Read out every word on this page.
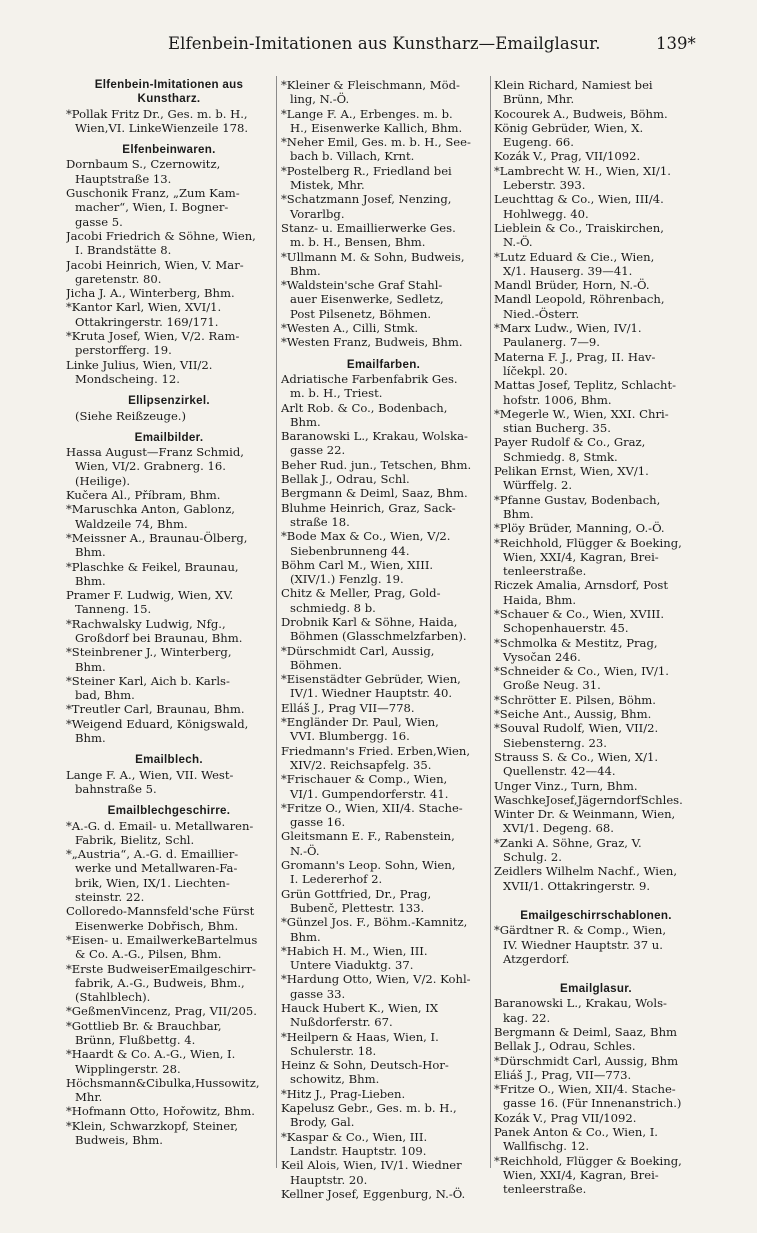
Elfenbein-Imitationen aus Kunstharz—Emailglasur.	139*
Elfenbein-Imitationen aus
Kunstharz.
*Pollak Fritz Dr., Ges. m. b. H.,
Wien,VI. LinkeWienzeile 178.
Elfenbeinwaren.
Dornbaum S., Czernowitz,
Hauptstraße 13.
Guschonik Franz, „Zum Kam-
macher“, Wien, I. Bogner-
gasse 5.
Jacobi Friedrich & Söhne, Wien,
I. Brandstätte 8.
Jacobi Heinrich, Wien, V. Mar-
garetenstr. 80.
Jicha J. A., Winterberg, Bhm.
*Kantor Karl, Wien, XVI/1.
Ottakringerstr. 169/171.
*Kruta Josef, Wien, V/2. Ram-
perstorfferg. 19.
Linke Julius, Wien, VII/2.
Mondscheing. 12.
Ellipsenzirkel.
(Siehe Reißzeuge.)
Emailbilder.
Hassa August—Franz Schmid,
Wien, VI/2. Grabnerg. 16.
(Heilige).
Kučera Al., Příbram, Bhm.
*Maruschka Anton, Gablonz,
Waldzeile 74, Bhm.
*Meissner A., Braunau-Ölberg,
Bhm.
*Plaschke & Feikel, Braunau,
Bhm.
Pramer F. Ludwig, Wien, XV.
Tanneng. 15.
*Rachwalsky Ludwig, Nfg.,
Großdorf bei Braunau, Bhm.
*Steinbrener J., Winterberg,
Bhm.
*Steiner Karl, Aich b. Karls-
bad, Bhm.
*Treutler Carl, Braunau, Bhm.
*Weigend Eduard, Königswald,
Bhm.
Emailblech.
Lange F. A., Wien, VII. West-
bahnstraße 5.
Emailblechgeschirre.
*A.-G. d. Email- u. Metallwaren-
Fabrik, Bielitz, Schl.
*„Austria“, A.-G. d. Emaillier-
werke und Metallwaren-Fa-
brik, Wien, IX/1. Liechten-
steinstr. 22.
Colloredo-Mannsfeld'sche Fürst
Eisenwerke Dobřisch, Bhm.
*Eisen- u. EmailwerkeBartelmus
& Co. A.-G., Pilsen, Bhm.
*Erste BudweiserEmailgeschirr-
fabrik, A.-G., Budweis, Bhm.,
(Stahlblech).
*GeßmenVincenz, Prag, VII/205.
*Gottlieb Br. & Brauchbar,
Brünn, Flußbettg. 4.
*Haardt & Co. A.-G., Wien, I.
Wipplingerstr. 28.
Höchsmann&Cibulka,Hussowitz,
Mhr.
*Hofmann Otto, Hořowitz, Bhm.
*Klein, Schwarzkopf, Steiner,
Budweis, Bhm.
*Kleiner & Fleischmann, Möd-
ling, N.-Ö.
*Lange F. A., Erbenges. m. b.
H., Eisenwerke Kallich, Bhm.
*Neher Emil, Ges. m. b. H., See-
bach b. Villach, Krnt.
*Postelberg R., Friedland bei
Mistek, Mhr.
*Schatzmann Josef, Nenzing,
Vorarlbg.
Stanz- u. Emaillierwerke Ges.
m. b. H., Bensen, Bhm.
*Ullmann M. & Sohn, Budweis,
Bhm.
*Waldstein'sche Graf Stahl-
auer Eisenwerke, Sedletz,
Post Pilsenetz, Böhmen.
*Westen A., Cilli, Stmk.
*Westen Franz, Budweis, Bhm.
Emailfarben.
Adriatische Farbenfabrik Ges.
m. b. H., Triest.
Arlt Rob. & Co., Bodenbach,
Bhm.
Baranowski L., Krakau, Wolska-
gasse 22.
Beher Rud. jun., Tetschen, Bhm.
Bellak J., Odrau, Schl.
Bergmann & Deiml, Saaz, Bhm.
Bluhme Heinrich, Graz, Sack-
straße 18.
*Bode Max & Co., Wien, V/2.
Siebenbrunneng 44.
Böhm Carl M., Wien, XIII.
(XIV/1.) Fenzlg. 19.
Chitz & Meller, Prag, Gold-
schmiedg. 8 b.
Drobnik Karl & Söhne, Haida,
Böhmen (Glasschmelzfarben).
*Dürschmidt Carl, Aussig,
Böhmen.
*Eisenstädter Gebrüder, Wien,
IV/1. Wiedner Hauptstr. 40.
Elláš J., Prag VII—778.
*Engländer Dr. Paul, Wien,
VVI. Blumbergg. 16.
Friedmann's Fried. Erben,Wien,
XIV/2. Reichsapfelg. 35.
*Frischauer & Comp., Wien,
VI/1. Gumpendorferstr. 41.
*Fritze O., Wien, XII/4. Stache-
gasse 16.
Gleitsmann E. F., Rabenstein,
N.-Ö.
Gromann's Leop. Sohn, Wien,
I. Ledererhof 2.
Grün Gottfried, Dr., Prag,
Bubenč, Plettestr. 133.
*Günzel Jos. F., Böhm.-Kamnitz,
Bhm.
*Habich H. M., Wien, III.
Untere Viaduktg. 37.
*Hardung Otto, Wien, V/2. Kohl-
gasse 33.
Hauck Hubert K., Wien, IX
Nußdorferstr. 67.
*Heilpern & Haas, Wien, I.
Schulerstr. 18.
Heinz & Sohn, Deutsch-Hor-
schowitz, Bhm.
*Hitz J., Prag-Lieben.
Kapelusz Gebr., Ges. m. b. H.,
Brody, Gal.
*Kaspar & Co., Wien, III.
Landstr. Hauptstr. 109.
Keil Alois, Wien, IV/1. Wiedner
Hauptstr. 20.
Kellner Josef, Eggenburg, N.-Ö.
Klein Richard, Namiest bei
Brünn, Mhr.
Kocourek A., Budweis, Böhm.
König Gebrüder, Wien, X.
Eugeng. 66.
Kozák V., Prag, VII/1092.
*Lambrecht W. H., Wien, XI/1.
Leberstr. 393.
Leuchttag & Co., Wien, III/4.
Hohlwegg. 40.
Lieblein & Co., Traiskirchen,
N.-Ö.
*Lutz Eduard & Cie., Wien,
X/1. Hauserg. 39—41.
Mandl Brüder, Horn, N.-Ö.
Mandl Leopold, Röhrenbach,
Nied.-Österr.
*Marx Ludw., Wien, IV/1.
Paulanerg. 7—9.
Materna F. J., Prag, II. Hav-
líčekpl. 20.
Mattas Josef, Teplitz, Schlacht-
hofstr. 1006, Bhm.
*Megerle W., Wien, XXI. Chri-
stian Bucherg. 35.
Payer Rudolf & Co., Graz,
Schmiedg. 8, Stmk.
Pelikan Ernst, Wien, XV/1.
Würffelg. 2.
*Pfanne Gustav, Bodenbach,
Bhm.
*Plöy Brüder, Manning, O.-Ö.
*Reichhold, Flügger & Boeking,
Wien, XXI/4, Kagran, Brei-
tenleerstraße.
Riczek Amalia, Arnsdorf, Post
Haida, Bhm.
*Schauer & Co., Wien, XVIII.
Schopenhauerstr. 45.
*Schmolka & Mestitz, Prag,
Vysočan 246.
*Schneider & Co., Wien, IV/1.
Große Neug. 31.
*Schrötter E. Pilsen, Böhm.
*Seiche Ant., Aussig, Bhm.
*Souval Rudolf, Wien, VII/2.
Siebensterng. 23.
Strauss S. & Co., Wien, X/1.
Quellenstr. 42—44.
Unger Vinz., Turn, Bhm.
WaschkeJosef,JägerndorfSchles.
Winter Dr. & Weinmann, Wien,
XVI/1. Degeng. 68.
*Zanki A. Söhne, Graz, V.
Schulg. 2.
Zeidlers Wilhelm Nachf., Wien,
XVII/1. Ottakringerstr. 9.
Emailgeschirrschablonen.
*Gärdtner R. & Comp., Wien,
IV. Wiedner Hauptstr. 37 u.
Atzgerdorf.
Emailglasur.
Baranowski L., Krakau, Wols-
kag. 22.
Bergmann & Deiml, Saaz, Bhm
Bellak J., Odrau, Schles.
*Dürschmidt Carl, Aussig, Bhm
Eliáš J., Prag, VII—773.
*Fritze O., Wien, XII/4. Stache-
gasse 16. (Für Innenanstrich.)
Kozák V., Prag VII/1092.
Panek Anton & Co., Wien, I.
Wallfischg. 12.
*Reichhold, Flügger & Boeking,
Wien, XXI/4, Kagran, Brei-
tenleerstraße.
